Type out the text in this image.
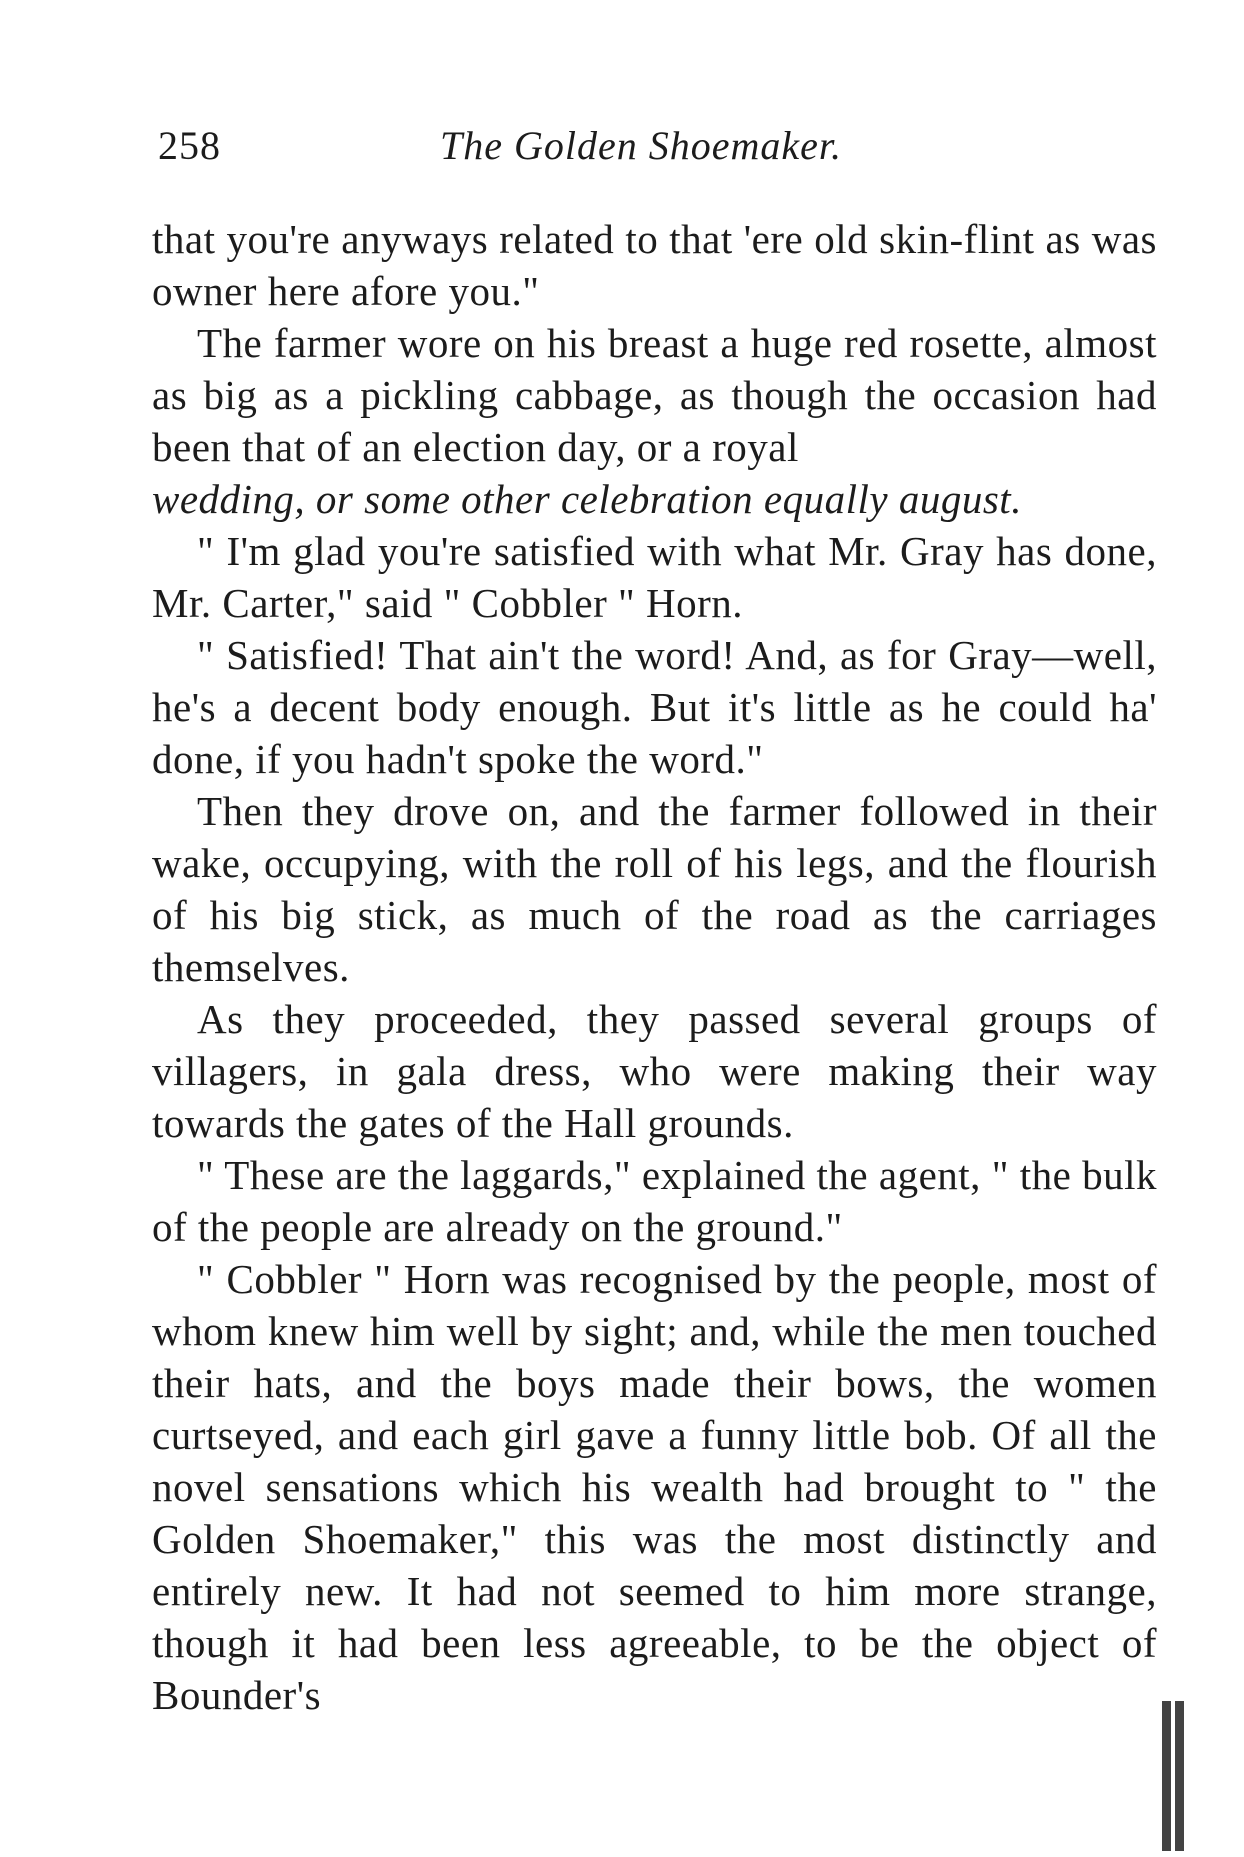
258	The Golden Shoemaker.

that you're anyways related to that 'ere old skin-flint as was owner here afore you."

The farmer wore on his breast a huge red rosette, almost as big as a pickling cabbage, as though the occasion had been that of an election day, or a royal

wedding, or some other celebration equally august.

" I'm glad you're satisfied with what Mr. Gray has done, Mr. Carter," said " Cobbler " Horn.

" Satisfied! That ain't the word! And, as for Gray—well, he's a decent body enough. But it's little as he could ha' done, if you hadn't spoke the word."

Then they drove on, and the farmer followed in their wake, occupying, with the roll of his legs, and the flourish of his big stick, as much of the road as the carriages themselves.

As they proceeded, they passed several groups of villagers, in gala dress, who were making their way towards the gates of the Hall grounds.

" These are the laggards," explained the agent, " the bulk of the people are already on the ground."

" Cobbler " Horn was recognised by the people, most of whom knew him well by sight; and, while the men touched their hats, and the boys made their bows, the women curtseyed, and each girl gave a funny little bob. Of all the novel sensations which his wealth had brought to " the Golden Shoemaker," this was the most distinctly and entirely new. It had not seemed to him more strange, though it had been less agreeable, to be the object of Bounder's
